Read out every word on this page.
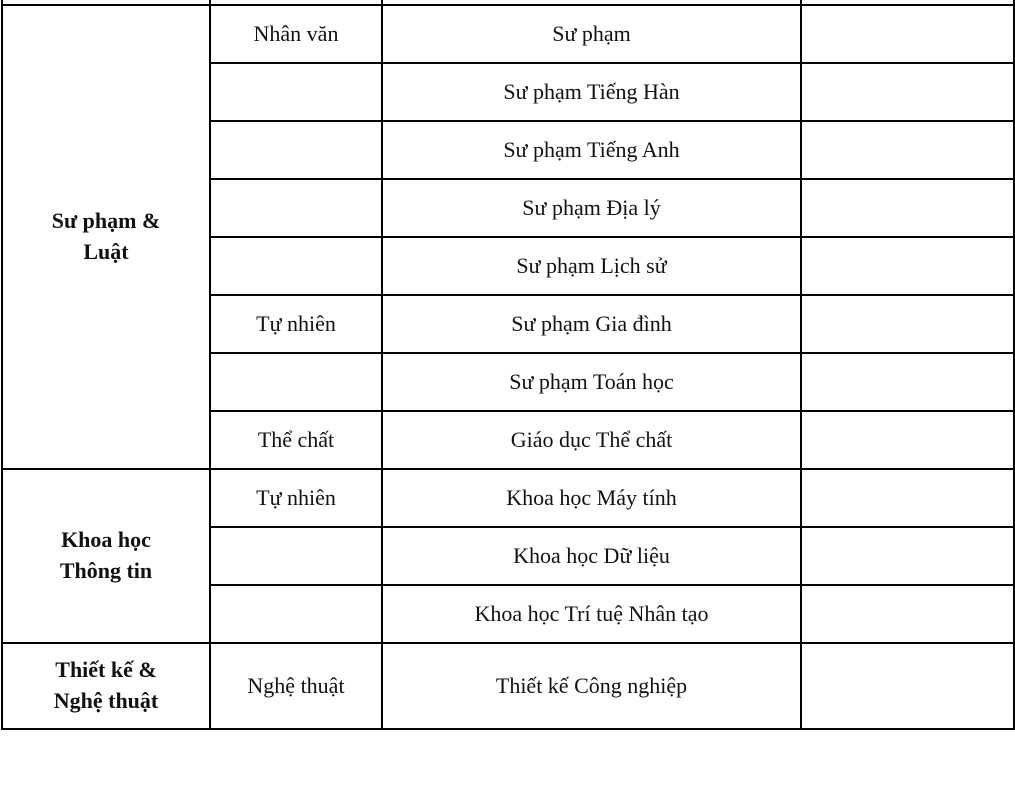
Sư phạm &
Luật	Nhân văn	Sư phạm	
		Sư phạm Tiếng Hàn	
		Sư phạm Tiếng Anh	
		Sư phạm Địa lý	
		Sư phạm Lịch sử	
	Tự nhiên	Sư phạm Gia đình	
		Sư phạm Toán học	
	Thể chất	Giáo dục Thể chất	
Khoa học
Thông tin	Tự nhiên	Khoa học Máy tính	
		Khoa học Dữ liệu	
		Khoa học Trí tuệ Nhân tạo	
Thiết kế &
Nghệ thuật	Nghệ thuật	Thiết kế Công nghiệp	
